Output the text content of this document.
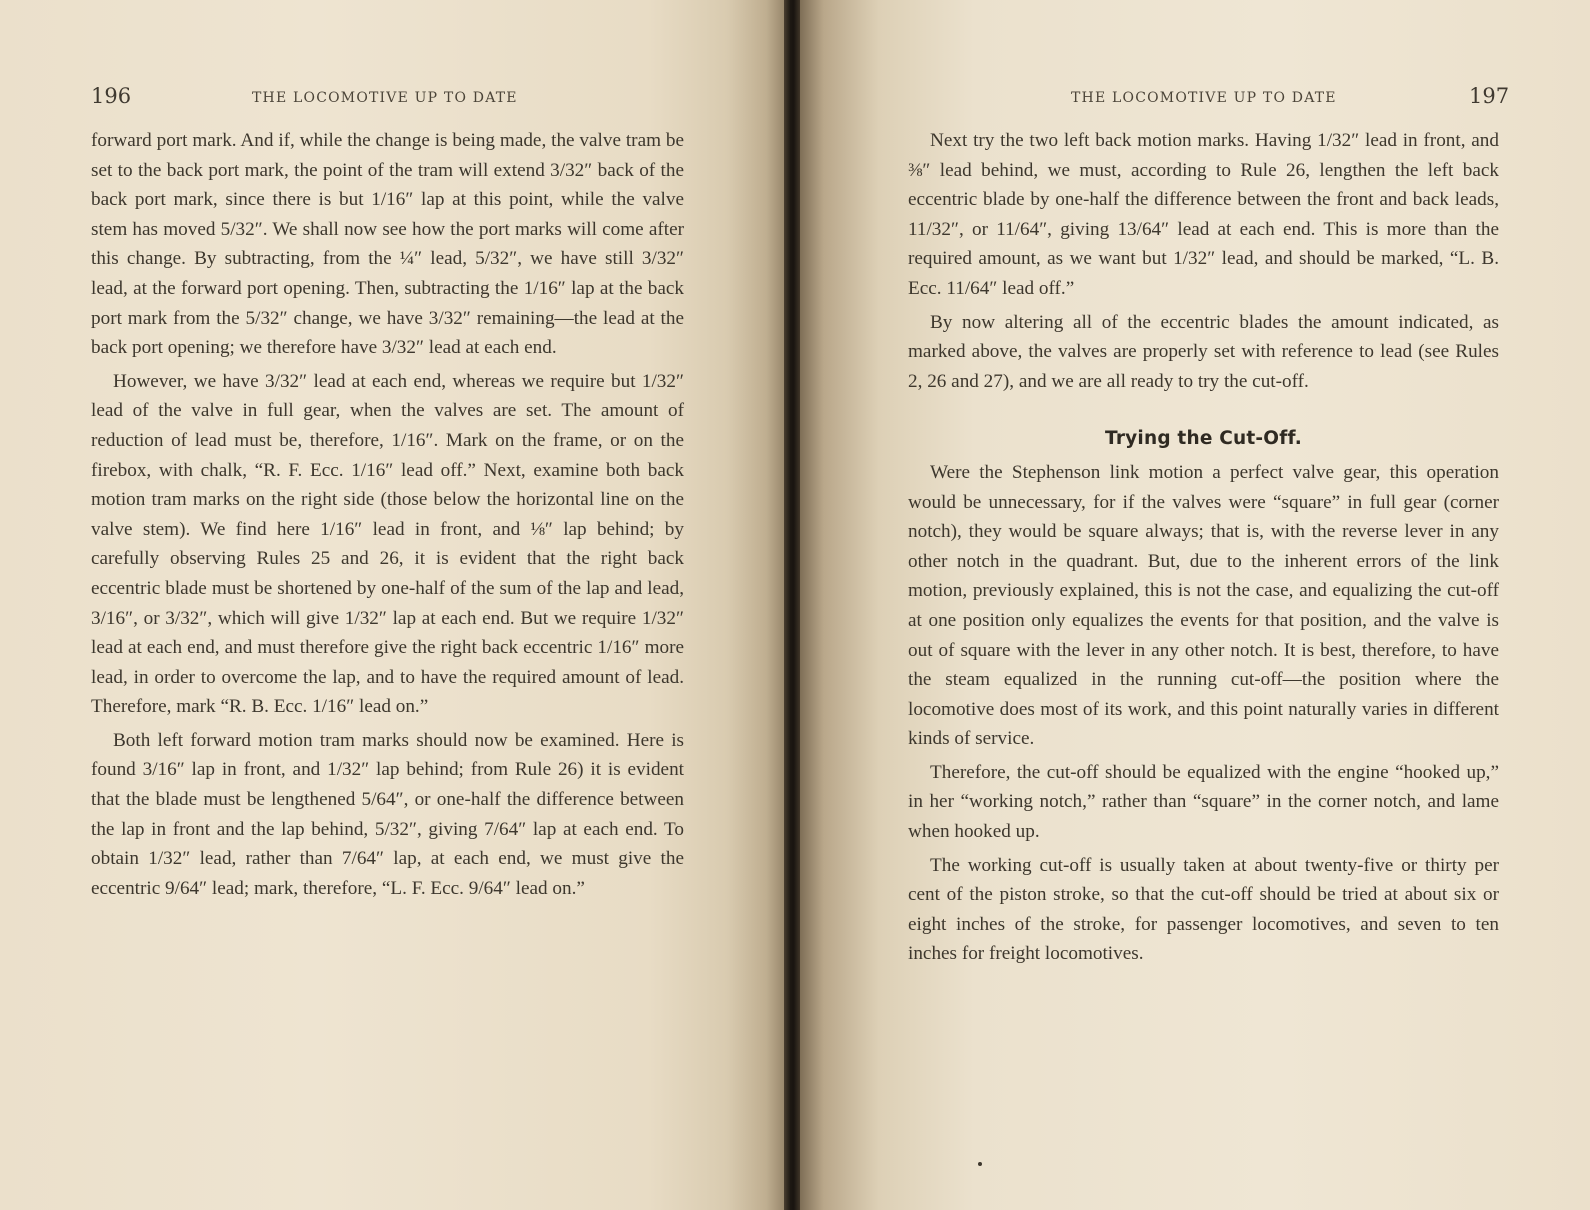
196	THE LOCOMOTIVE UP TO DATE

forward port mark. And if, while the change is being made, the valve tram be set to the back port mark, the point of the tram will extend 3/32″ back of the back port mark, since there is but 1/16″ lap at this point, while the valve stem has moved 5/32″. We shall now see how the port marks will come after this change. By subtracting, from the ¼″ lead, 5/32″, we have still 3/32″ lead, at the forward port opening. Then, subtracting the 1/16″ lap at the back port mark from the 5/32″ change, we have 3/32″ remaining—the lead at the back port opening; we therefore have 3/32″ lead at each end.

However, we have 3/32″ lead at each end, whereas we require but 1/32″ lead of the valve in full gear, when the valves are set. The amount of reduction of lead must be, therefore, 1/16″. Mark on the frame, or on the firebox, with chalk, “R. F. Ecc. 1/16″ lead off.” Next, examine both back motion tram marks on the right side (those below the horizontal line on the valve stem). We find here 1/16″ lead in front, and ⅛″ lap behind; by carefully observing Rules 25 and 26, it is evident that the right back eccentric blade must be shortened by one-half of the sum of the lap and lead, 3/16″, or 3/32″, which will give 1/32″ lap at each end. But we require 1/32″ lead at each end, and must therefore give the right back eccentric 1/16″ more lead, in order to overcome the lap, and to have the required amount of lead. Therefore, mark “R. B. Ecc. 1/16″ lead on.”

Both left forward motion tram marks should now be examined. Here is found 3/16″ lap in front, and 1/32″ lap behind; from Rule 26) it is evident that the blade must be lengthened 5/64″, or one-half the difference between the lap in front and the lap behind, 5/32″, giving 7/64″ lap at each end. To obtain 1/32″ lead, rather than 7/64″ lap, at each end, we must give the eccentric 9/64″ lead; mark, therefore, “L. F. Ecc. 9/64″ lead on.”

THE LOCOMOTIVE UP TO DATE	197

Next try the two left back motion marks. Having 1/32″ lead in front, and ⅜″ lead behind, we must, according to Rule 26, lengthen the left back eccentric blade by one-half the difference between the front and back leads, 11/32″, or 11/64″, giving 13/64″ lead at each end. This is more than the required amount, as we want but 1/32″ lead, and should be marked, “L. B. Ecc. 11/64″ lead off.”

By now altering all of the eccentric blades the amount indicated, as marked above, the valves are properly set with reference to lead (see Rules 2, 26 and 27), and we are all ready to try the cut-off.

Trying the Cut-Off.

Were the Stephenson link motion a perfect valve gear, this operation would be unnecessary, for if the valves were “square” in full gear (corner notch), they would be square always; that is, with the reverse lever in any other notch in the quadrant. But, due to the inherent errors of the link motion, previously explained, this is not the case, and equalizing the cut-off at one position only equalizes the events for that position, and the valve is out of square with the lever in any other notch. It is best, therefore, to have the steam equalized in the running cut-off—the position where the locomotive does most of its work, and this point naturally varies in different kinds of service.

Therefore, the cut-off should be equalized with the engine “hooked up,” in her “working notch,” rather than “square” in the corner notch, and lame when hooked up.

The working cut-off is usually taken at about twenty-five or thirty per cent of the piston stroke, so that the cut-off should be tried at about six or eight inches of the stroke, for passenger locomotives, and seven to ten inches for freight locomotives.
